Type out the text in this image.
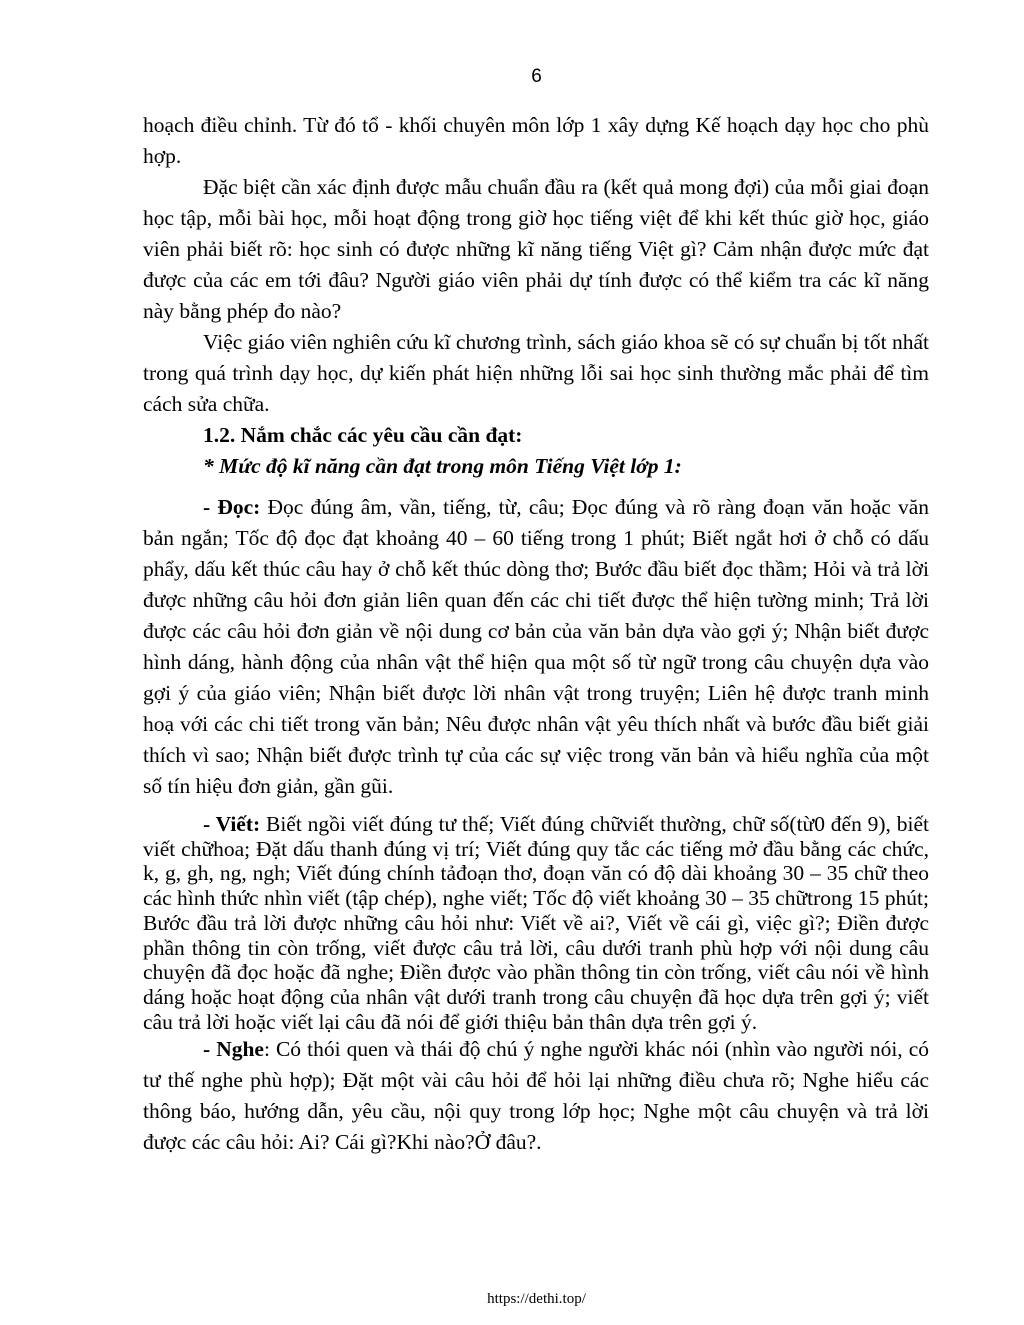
6

hoạch điều chỉnh. Từ đó tổ - khối chuyên môn lớp 1 xây dựng Kế hoạch dạy học cho phù hợp.

Đặc biệt cần xác định được mẫu chuẩn đầu ra (kết quả mong đợi) của mỗi giai đoạn học tập, mỗi bài học, mỗi hoạt động trong giờ học tiếng việt để khi kết thúc giờ học, giáo viên phải biết rõ: học sinh có được những kĩ năng tiếng Việt gì? Cảm nhận được mức đạt được của các em tới đâu? Người giáo viên phải dự tính được có thể kiểm tra các kĩ năng này bằng phép đo nào?

Việc giáo viên nghiên cứu kĩ chương trình, sách giáo khoa sẽ có sự chuẩn bị tốt nhất trong quá trình dạy học, dự kiến phát hiện những lỗi sai học sinh thường mắc phải để tìm cách sửa chữa.

1.2. Nắm chắc các yêu cầu cần đạt:

* Mức độ kĩ năng cần đạt trong môn Tiếng Việt lớp 1:

- Đọc: Đọc đúng âm, vần, tiếng, từ, câu; Đọc đúng và rõ ràng đoạn văn hoặc văn bản ngắn; Tốc độ đọc đạt khoảng 40 – 60 tiếng trong 1 phút; Biết ngắt hơi ở chỗ có dấu phẩy, dấu kết thúc câu hay ở chỗ kết thúc dòng thơ; Bước đầu biết đọc thầm; Hỏi và trả lời được những câu hỏi đơn giản liên quan đến các chi tiết được thể hiện tường minh; Trả lời được các câu hỏi đơn giản về nội dung cơ bản của văn bản dựa vào gợi ý; Nhận biết được hình dáng, hành động của nhân vật thể hiện qua một số từ ngữ trong câu chuyện dựa vào gợi ý của giáo viên; Nhận biết được lời nhân vật trong truyện; Liên hệ được tranh minh hoạ với các chi tiết trong văn bản; Nêu được nhân vật yêu thích nhất và bước đầu biết giải thích vì sao; Nhận biết được trình tự của các sự việc trong văn bản và hiểu nghĩa của một số tín hiệu đơn giản, gần gũi.

- Viết: Biết ngồi viết đúng tư thế; Viết đúng chữviết thường, chữ số(từ0 đến 9), biết viết chữhoa; Đặt dấu thanh đúng vị trí; Viết đúng quy tắc các tiếng mở đầu bằng các chức, k, g, gh, ng, ngh; Viết đúng chính tảđoạn thơ, đoạn văn có độ dài khoảng 30 – 35 chữ theo các hình thức nhìn viết (tập chép), nghe viết; Tốc độ viết khoảng 30 – 35 chữtrong 15 phút; Bước đầu trả lời được những câu hỏi như: Viết về ai?, Viết về cái gì, việc gì?; Điền được phần thông tin còn trống, viết được câu trả lời, câu dưới tranh phù hợp với nội dung câu chuyện đã đọc hoặc đã nghe; Điền được vào phần thông tin còn trống, viết câu nói về hình dáng hoặc hoạt động của nhân vật dưới tranh trong câu chuyện đã học dựa trên gợi ý; viết câu trả lời hoặc viết lại câu đã nói để giới thiệu bản thân dựa trên gợi ý.

- Nghe: Có thói quen và thái độ chú ý nghe người khác nói (nhìn vào người nói, có tư thế nghe phù hợp); Đặt một vài câu hỏi để hỏi lại những điều chưa rõ; Nghe hiểu các thông báo, hướng dẫn, yêu cầu, nội quy trong lớp học; Nghe một câu chuyện và trả lời được các câu hỏi: Ai? Cái gì?Khi nào?Ở đâu?.

https://dethi.top/
